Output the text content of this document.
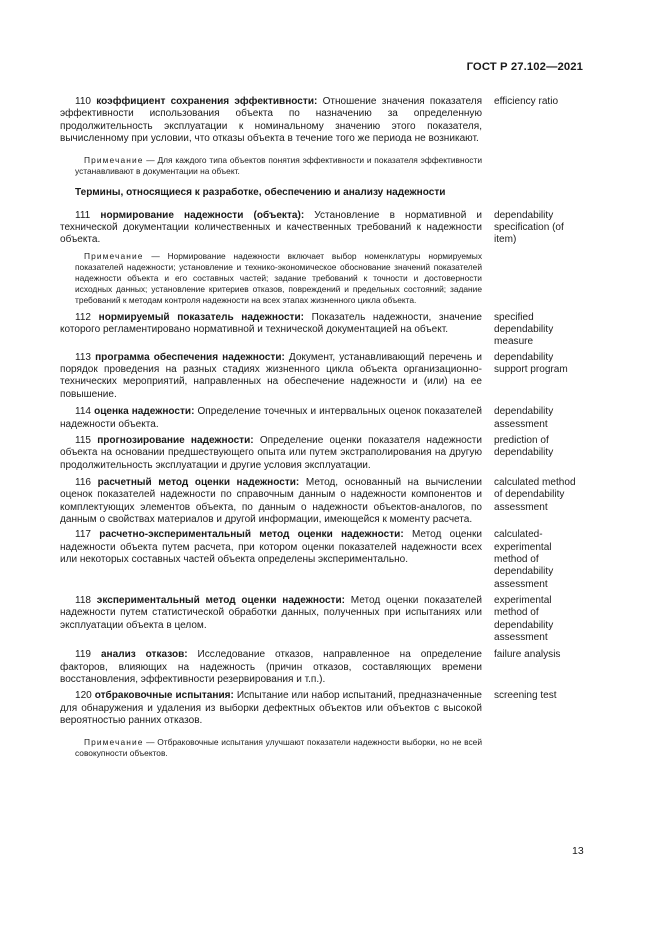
ГОСТ Р 27.102—2021
110 коэффициент сохранения эффективности: Отношение значения показателя эффективности использования объекта по назначению за определенную продолжительность эксплуатации к номинальному значению этого показателя, вычисленному при условии, что отказы объекта в течение того же периода не возникают.
efficiency ratio
Примечание — Для каждого типа объектов понятия эффективности и показателя эффективности устанавливают в документации на объект.
Термины, относящиеся к разработке, обеспечению и анализу надежности
111 нормирование надежности (объекта): Установление в нормативной и технической документации количественных и качественных требований к надежности объекта.
dependability specification (of item)
Примечание — Нормирование надежности включает выбор номенклатуры нормируемых показателей надежности; установление и технико-экономическое обоснование значений показателей надежности объекта и его составных частей; задание требований к точности и достоверности исходных данных; установление критериев отказов, повреждений и предельных состояний; задание требований к методам контроля надежности на всех этапах жизненного цикла объекта.
112 нормируемый показатель надежности: Показатель надежности, значение которого регламентировано нормативной и технической документацией на объект.
specified dependability measure
113 программа обеспечения надежности: Документ, устанавливающий перечень и порядок проведения на разных стадиях жизненного цикла объекта организационно-технических мероприятий, направленных на обеспечение надежности и (или) на ее повышение.
dependability support program
114 оценка надежности: Определение точечных и интервальных оценок показателей надежности объекта.
dependability assessment
115 прогнозирование надежности: Определение оценки показателя надежности объекта на основании предшествующего опыта или путем экстраполирования на другую продолжительность эксплуатации и другие условия эксплуатации.
prediction of dependability
116 расчетный метод оценки надежности: Метод, основанный на вычислении оценок показателей надежности по справочным данным о надежности компонентов и комплектующих элементов объекта, по данным о надежности объектов-аналогов, по данным о свойствах материалов и другой информации, имеющейся к моменту расчета.
calculated method of dependability assessment
117 расчетно-экспериментальный метод оценки надежности: Метод оценки надежности объекта путем расчета, при котором оценки показателей надежности всех или некоторых составных частей объекта определены экспериментально.
calculated-experimental method of dependability assessment
118 экспериментальный метод оценки надежности: Метод оценки показателей надежности путем статистической обработки данных, полученных при испытаниях или эксплуатации объекта в целом.
experimental method of dependability assessment
119 анализ отказов: Исследование отказов, направленное на определение факторов, влияющих на надежность (причин отказов, составляющих времени восстановления, эффективности резервирования и т.п.).
failure analysis
120 отбраковочные испытания: Испытание или набор испытаний, предназначенные для обнаружения и удаления из выборки дефектных объектов или объектов с высокой вероятностью ранних отказов.
screening test
Примечание — Отбраковочные испытания улучшают показатели надежности выборки, но не всей совокупности объектов.
13
